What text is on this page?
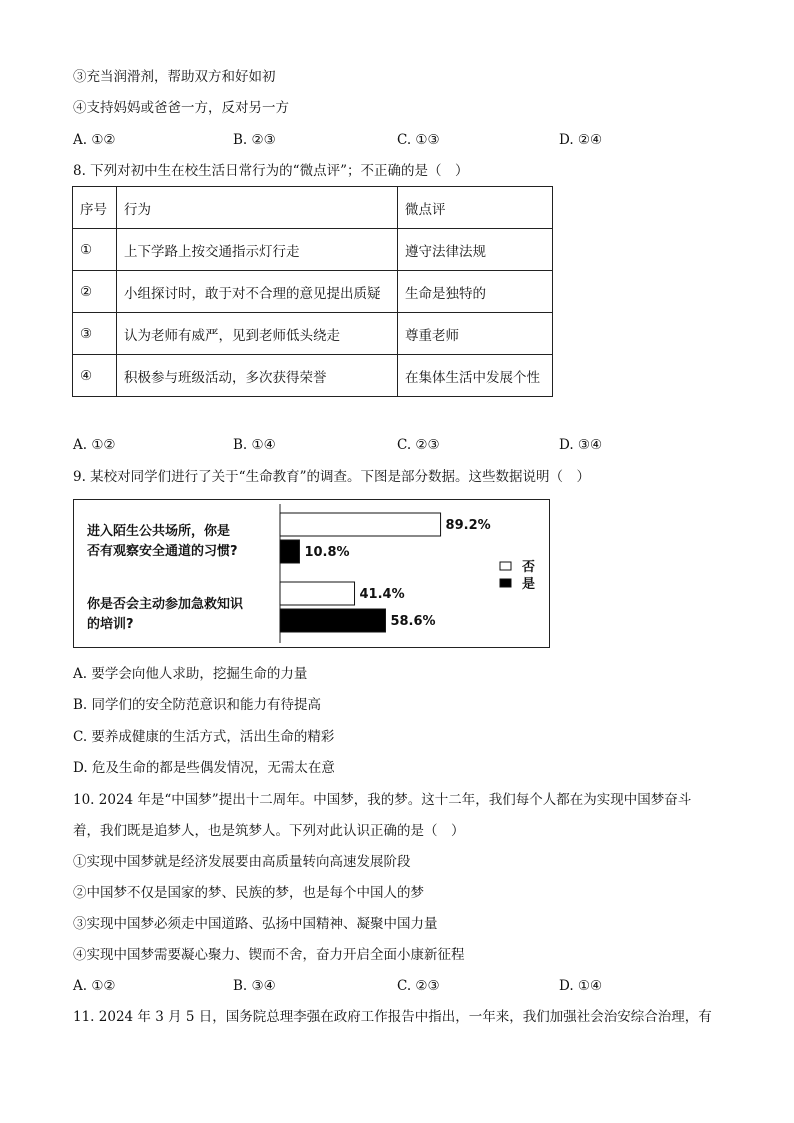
③充当润滑剂，帮助双方和好如初
④支持妈妈或爸爸一方，反对另一方
A. ①②	B. ②③	C. ①③	D. ②④
8. 下列对初中生在校生活日常行为的“微点评”；不正确的是（　）
序号	行为	微点评
①	上下学路上按交通指示灯行走	遵守法律法规
②	小组探讨时，敢于对不合理的意见提出质疑	生命是独特的
③	认为老师有威严，见到老师低头绕走	尊重老师
④	积极参与班级活动，多次获得荣誉	在集体生活中发展个性
A. ①②	B. ①④	C. ②③	D. ③④
9. 某校对同学们进行了关于“生命教育”的调查。下图是部分数据。这些数据说明（　）
进入陌生公共场所，你是
否有观察安全通道的习惯?
你是否会主动参加急救知识
的培训?
89.2%
10.8%
41.4%
58.6%
否
是
A. 要学会向他人求助，挖掘生命的力量
B. 同学们的安全防范意识和能力有待提高
C. 要养成健康的生活方式，活出生命的精彩
D. 危及生命的都是些偶发情况，无需太在意
10. 2024 年是“中国梦”提出十二周年。中国梦，我的梦。这十二年，我们每个人都在为实现中国梦奋斗
着，我们既是追梦人，也是筑梦人。下列对此认识正确的是（　）
①实现中国梦就是经济发展要由高质量转向高速发展阶段
②中国梦不仅是国家的梦、民族的梦，也是每个中国人的梦
③实现中国梦必须走中国道路、弘扬中国精神、凝聚中国力量
④实现中国梦需要凝心聚力、锲而不舍，奋力开启全面小康新征程
A. ①②	B. ③④	C. ②③	D. ①④
11. 2024 年 3 月 5 日，国务院总理李强在政府工作报告中指出，一年来，我们加强社会治安综合治理，有
